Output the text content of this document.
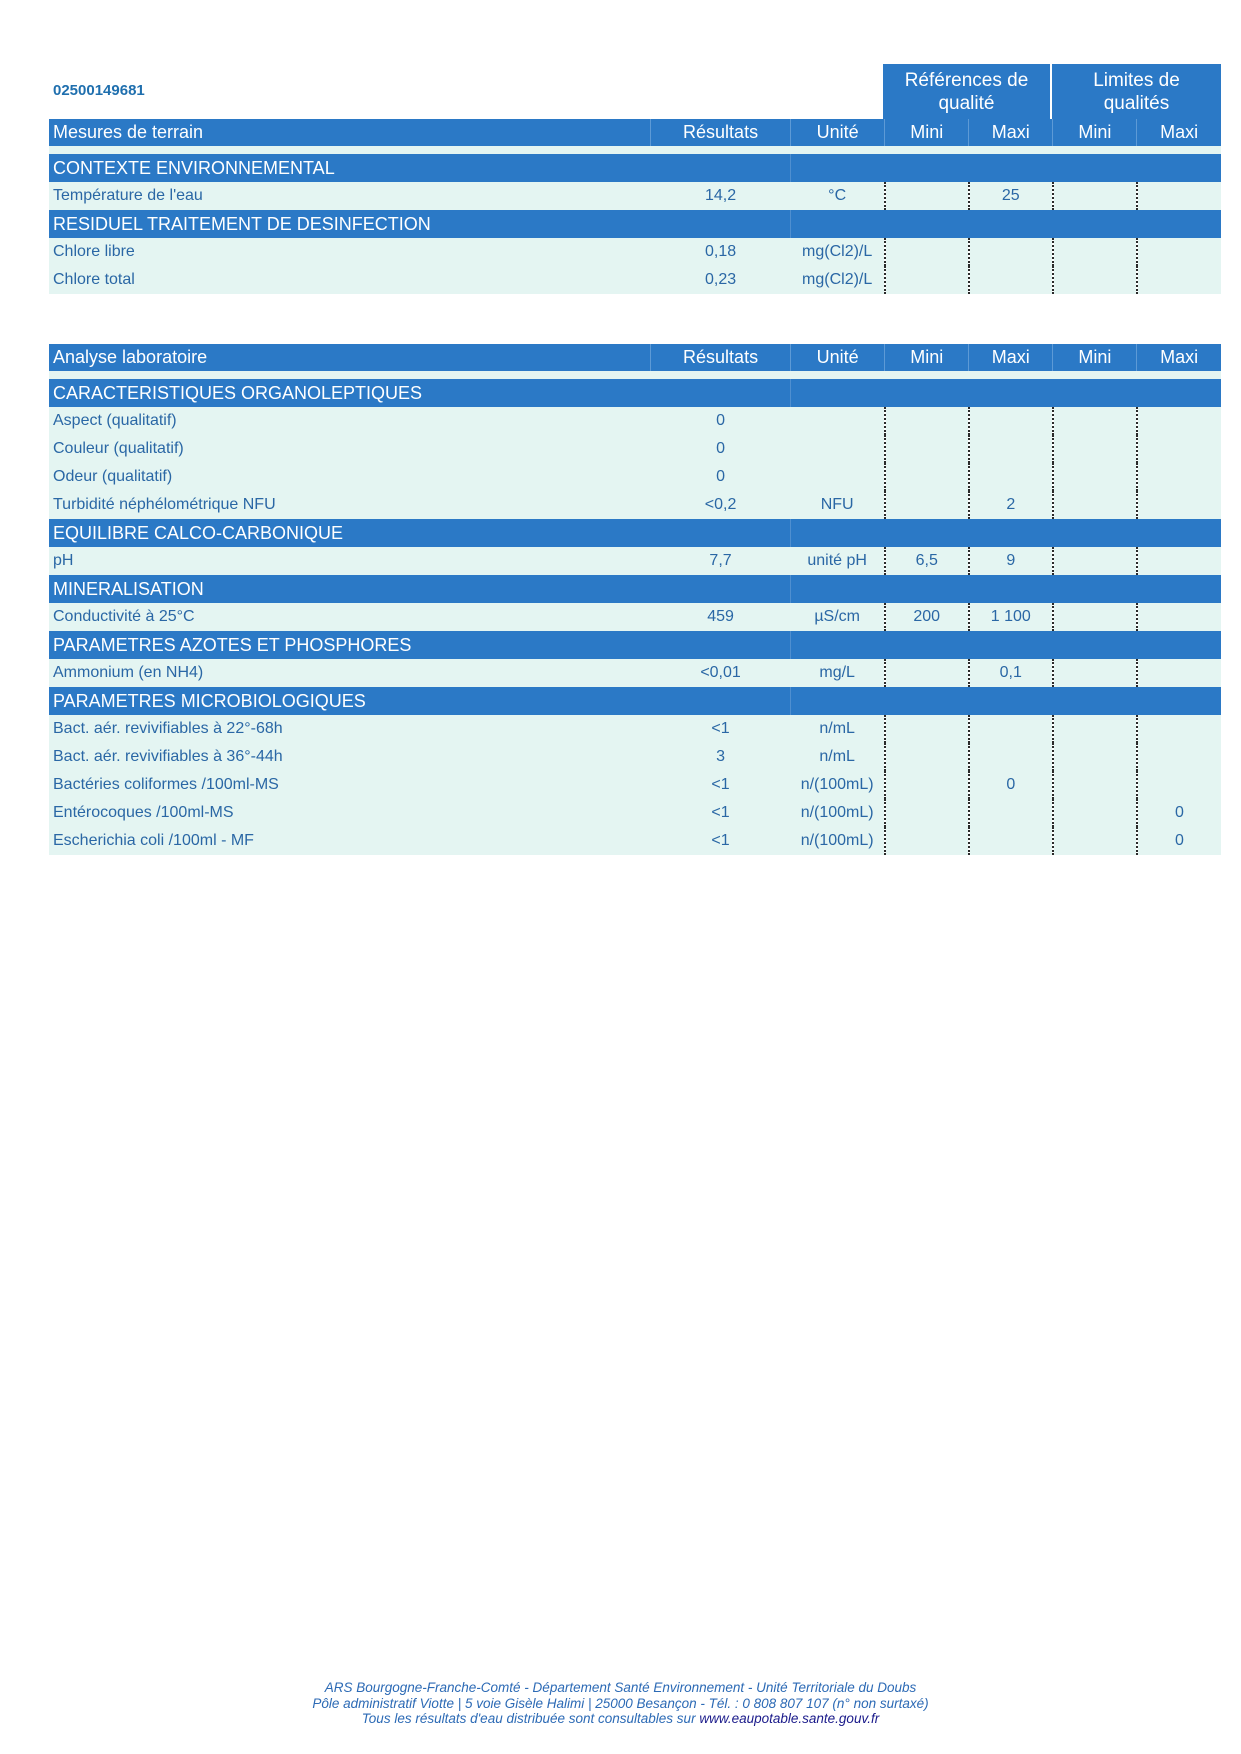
02500149681	Références de
qualité
Limites de
qualités
Mesures de terrain	Résultats	Unité	Mini	Maxi	Mini	Maxi

CONTEXTE ENVIRONNEMENTAL						
Température de l'eau	14,2	°C		25		
RESIDUEL TRAITEMENT DE DESINFECTION						
Chlore libre	0,18	mg(Cl2)/L				
Chlore total	0,23	mg(Cl2)/L				
Analyse laboratoire	Résultats	Unité	Mini	Maxi	Mini	Maxi

CARACTERISTIQUES ORGANOLEPTIQUES						
Aspect (qualitatif)	0					
Couleur (qualitatif)	0					
Odeur (qualitatif)	0					
Turbidité néphélométrique NFU	<0,2	NFU		2		
EQUILIBRE CALCO-CARBONIQUE						
pH	7,7	unité pH	6,5	9		
MINERALISATION						
Conductivité à 25°C	459	µS/cm	200	1 100		
PARAMETRES AZOTES ET PHOSPHORES						
Ammonium (en NH4)	<0,01	mg/L		0,1		
PARAMETRES MICROBIOLOGIQUES						
Bact. aér. revivifiables à 22°-68h	<1	n/mL				
Bact. aér. revivifiables à 36°-44h	3	n/mL				
Bactéries coliformes /100ml-MS	<1	n/(100mL)		0		
Entérocoques /100ml-MS	<1	n/(100mL)				0
Escherichia coli /100ml - MF	<1	n/(100mL)				0
ARS Bourgogne-Franche-Comté - Département Santé Environnement - Unité Territoriale du Doubs
Pôle administratif Viotte | 5 voie Gisèle Halimi | 25000 Besançon - Tél. : 0 808 807 107 (n° non surtaxé)
Tous les résultats d'eau distribuée sont consultables sur www.eaupotable.sante.gouv.fr
